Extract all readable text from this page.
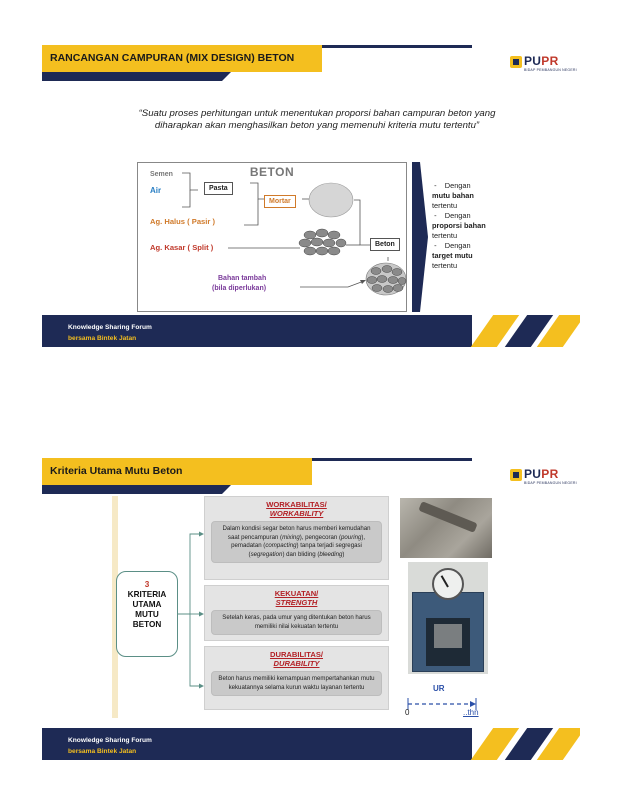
RANCANGAN CAMPURAN (MIX DESIGN) BETON	PUPR
BIDAP PEMBANGUN NEGERI
“Suatu proses perhitungan untuk menentukan proporsi bahan campuran beton yang diharapkan akan menghasilkan beton yang memenuhi kriteria mutu tertentu”
Semen
Air	Pasta
BETON
Mortar
Ag. Halus ( Pasir )
Ag. Kasar ( Split )	Beton
Bahan tambah
(bila diperlukan)
- Dengan
mutu bahan
tertentu
- Dengan
proporsi bahan
tertentu
- Dengan
target mutu
tertentu
Knowledge Sharing Forum
bersama Bintek Jatan
Kriteria Utama Mutu Beton	PUPR
BIDAP PEMBANGUN NEGERI
3
KRITERIA
UTAMA
MUTU
BETON
WORKABILITAS/
WORKABILITY
Dalam kondisi segar beton harus memberi kemudahan saat pencampuran (mixing), pengecoran (pouring), pemadatan (compacting) tanpa terjadi segregasi (segregation) dan bliding (bleeding)
KEKUATAN/
STRENGTH
Setelah keras, pada umur yang ditentukan beton harus memiliki nilai kekuatan tertentu
DURABILITAS/
DURABILITY
Beton harus memiliki kemampuan mempertahankan mutu kekuatannya selama kurun waktu layanan tertentu	UR
0	..thn
Knowledge Sharing Forum
bersama Bintek Jatan
